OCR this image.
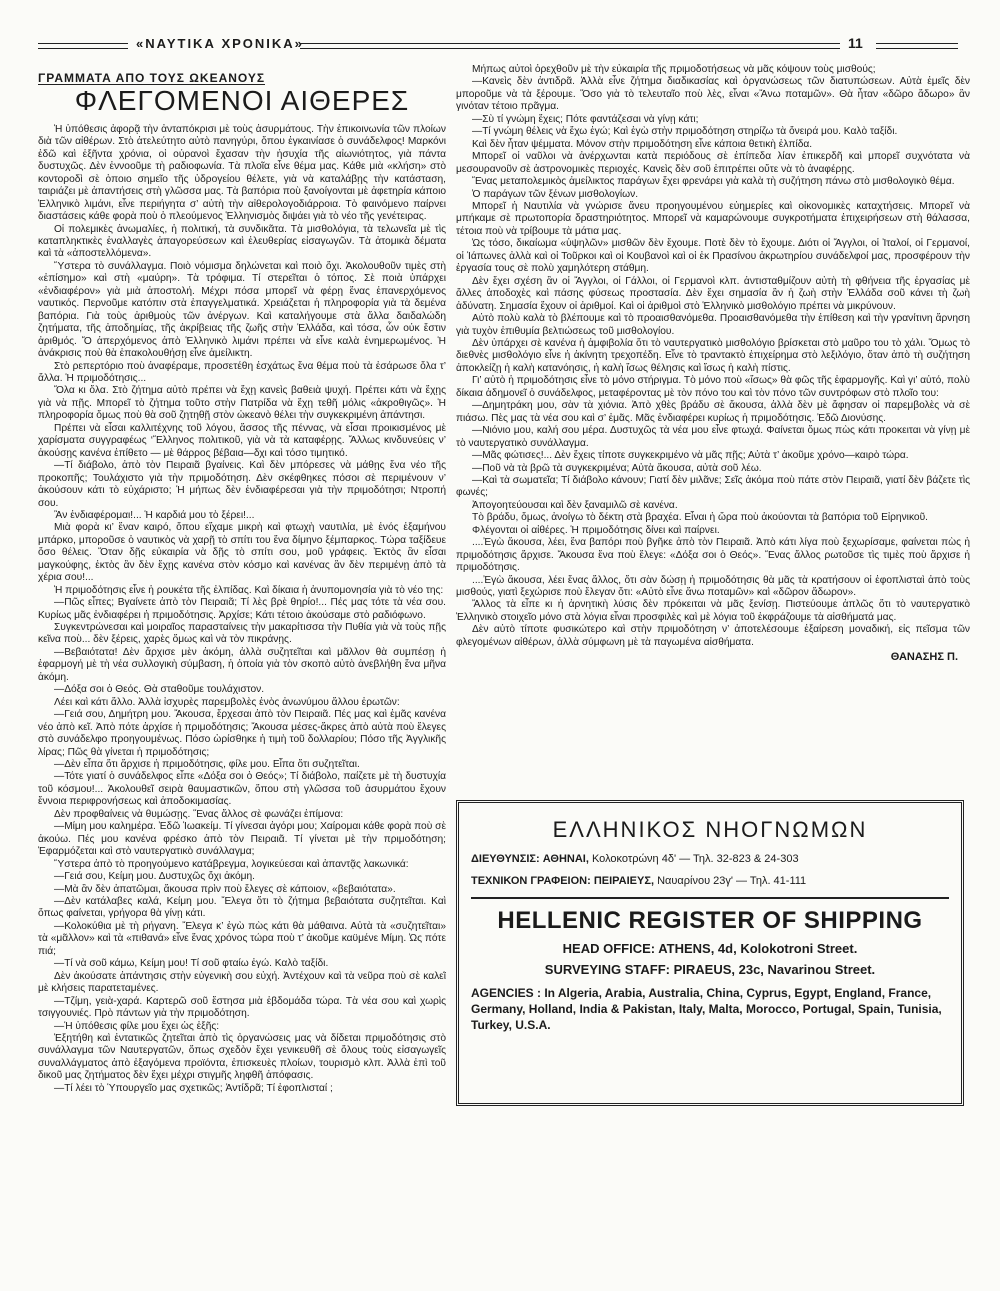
«ΝΑΥΤΙΚΑ ΧΡΟΝΙΚΑ»	11
ΓΡΑΜΜΑΤΑ ΑΠΟ ΤΟΥΣ ΩΚΕΑΝΟΥΣ
ΦΛΕΓΟΜΕΝΟΙ ΑΙΘΕΡΕΣ

Ἡ ὑπόθεσις ἀφορᾷ τὴν ἀνταπόκρισι μὲ τοὺς ἀσυρμάτους. Τὴν ἐπικοινωνία τῶν πλοίων διὰ τῶν αἰθέρων. Στὸ ἀτελεύτητο αὐτὸ πανηγύρι, ὅπου ἐγκαινίασε ὁ συνάδελφος! Μαρκόνι ἐδῶ καὶ ἑξῆντα χρόνια, οἱ οὐρανοὶ ἔχασαν τὴν ἡσυχία τῆς αἰωνιότητος, γιὰ πάντα δυστυχῶς. Δὲν ἐννοοῦμε τὴ ραδιοφωνία. Τὰ πλοῖα εἶνε θέμα μας. Κάθε μιὰ «κλήση» στὸ κοντοροδὶ σὲ ὁποιο σημεῖο τῆς ὑδρογείου θέλετε, γιὰ νὰ καταλάβῃς τὴν κατάσταση, ταιριάζει μὲ ἀπαντήσεις στὴ γλῶσσα μας. Τὰ βαπόρια ποὺ ξανοίγονται μὲ ἀφετηρία κάποιο Ἑλληνικὸ λιμάνι, εἶνε περιήγητα σ’ αὐτὴ τὴν αἰθερολογοδιάρροια. Τὸ φαινόμενο παίρνει διαστάσεις κάθε φορὰ ποὺ ὁ πλεούμενος Ἑλληνισμὸς διψάει γιὰ τὸ νέο τῆς γενέτειρας.

Οἱ πολεμικὲς ἀνωμαλίες, ἡ πολιτική, τὰ συνδικᾶτα. Τὰ μισθολόγια, τὰ τελωνεῖα μὲ τὶς καταπληκτικὲς ἐναλλαγὲς ἀπαγορεύσεων καὶ ἐλευθερίας εἰσαγωγῶν. Τὰ ἀτομικὰ δέματα καὶ τὰ «ἀποστελλόμενα».

Ὕστερα τὸ συνάλλαγμα. Ποιὸ νόμισμα δηλώνεται καὶ ποιὸ ὄχι. Ἀκολουθοῦν τιμὲς στὴ «ἐπίσημο» καὶ στὴ «μαύρη». Τὰ τρόφιμα. Τί στερεῖται ὁ τόπος. Σὲ ποιὰ ὑπάρχει «ἐνδιαφέρον» γιὰ μιὰ ἀποστολή. Μέχρι πόσα μπορεῖ νὰ φέρῃ ἕνας ἐπανερχόμενος ναυτικός. Περνοῦμε κατόπιν στὰ ἐπαγγελματικά. Χρειάζεται ἡ πληροφορία γιὰ τὰ δεμένα βαπόρια. Γιὰ τοὺς ἀριθμοὺς τῶν ἀνέργων. Καὶ καταλήγουμε στὰ ἄλλα δαιδαλώδη ζητήματα, τῆς ἀποδημίας, τῆς ἀκρίβειας τῆς ζωῆς στὴν Ἑλλάδα, καὶ τόσα, ὧν οὐκ ἔστιν ἀριθμός. Ὅ ἀπερχόμενος ἀπὸ Ἑλληνικὸ λιμάνι πρέπει νὰ εἶνε καλὰ ἐνημερωμένος. Ἡ ἀνάκρισις ποὺ θὰ ἐπακολουθήσῃ εἶνε ἀμείλικτη.

Στὸ ρεπερτόριο ποὺ ἀναφέραμε, προσετέθη ἐσχάτως ἕνα θέμα ποὺ τὰ ἐσάρωσε ὅλα τ’ ἄλλα. Ἡ πριμοδότησις...

Ὅλα κι ὅλα. Στὸ ζήτημα αὐτὸ πρέπει νὰ ἔχῃ κανεὶς βαθειὰ ψυχή. Πρέπει κάτι νὰ ἔχῃς γιὰ νὰ πῇς. Μπορεῖ τὸ ζήτημα τοῦτο στὴν Πατρίδα νὰ ἔχῃ τεθῆ μόλις «ἀκροθιγῶς». Ἡ πληροφορία ὅμως ποὺ θὰ σοῦ ζητηθῇ στὸν ὠκεανὸ θέλει τὴν συγκεκριμένη ἀπάντησι.

Πρέπει νὰ εἶσαι καλλιτέχνης τοῦ λόγου, ἄσσος τῆς πέννας, νὰ εἶσαι προικισμένος μὲ χαρίσματα συγγραφέως ‘Ἕλληνος πολιτικοῦ, γιὰ νὰ τὰ καταφέρῃς. Ἄλλως κινδυνεύεις ν’ ἀκούσῃς κανένα ἐπίθετο — μὲ θάρρος βέβαια—δχι καὶ τόσο τιμητικό.

—Τί διάβολο, ἀπὸ τὸν Πειραιᾶ βγαίνεις. Καὶ δὲν μπόρεσες νὰ μάθῃς ἕνα νέο τῆς προκοπῆς; Τουλάχιστο γιὰ τὴν πριμοδότηση. Δὲν σκέφθηκες πόσοι σὲ περιμένουν ν’ ἀκούσουν κάτι τὸ εὐχάριστο; Ἡ μήπως δὲν ἐνδιαφέρεσαι γιὰ τὴν πριμοδότησι; Ντροπή σου.

Ἂν ἐνδιαφέρομαι!... Ἡ καρδιά μου τὸ ξέρει!...

Μιὰ φορὰ κι’ ἕναν καιρό, ὅπου εἴχαμε μικρὴ καὶ φτωχὴ ναυτιλία, μὲ ἐνός ἐξαμήνου μπάρκο, μποροῦσε ὁ ναυτικὸς νὰ χαρῇ τὸ σπίτι του ἕνα δίμηνο ξέμπαρκος. Τώρα ταξίδευε ὅσο θέλεις. Ὅταν δῇς εὐκαιρία νὰ δῇς τὸ σπίτι σου, μοῦ γράφεις. Ἐκτὸς ἂν εἶσαι μαγκούφης, ἐκτὸς ἂν δὲν ἔχῃς κανένα στὸν κόσμο καὶ κανένας ἂν δὲν περιμένῃ ἀπὸ τὰ χέρια σου!...

Ἡ πριμοδότησις εἶνε ἡ ρουκέτα τῆς ἐλπίδας. Καὶ δίκαια ἡ ἀνυπομονησία γιὰ τὸ νέο της:

—Πῶς εἶπες; Βγαίνετε ἀπὸ τὸν Πειραιᾶ; Τί λὲς βρὲ θηρίο!... Πές μας τότε τὰ νέα σου. Κυρίως μᾶς ἐνδιαφέρει ἡ πριμοδότησις. Ἀρχίσε; Κάτι τέτοιο ἀκούσαμε στὸ ραδιόφωνο.

Συγκεντρώνεσαι καὶ μοιραῖος παρασταίνεις τὴν μακαρίτισσα τὴν Πυθία γιὰ νὰ τοὺς πῇς κεῖνα ποὺ... δὲν ξέρεις, χαρὲς ὅμως καὶ νὰ τὸν πικράνῃς.

—Βεβαιότατα! Δὲν ἄρχισε μὲν ἀκόμη, ἀλλὰ συζητεῖται καὶ μᾶλλον θὰ συμπέσῃ ἡ ἐφαρμογή μὲ τὴ νέα συλλογικὴ σύμβαση, ἡ ὁποία γιὰ τὸν σκοπὸ αὐτὸ ἀνεβλήθη ἕνα μῆνα ἀκόμη.

—Δόξα σοι ὁ Θεός. Θὰ σταθοῦμε τουλάχιστον.

Λέει καὶ κάτι ἄλλο. Ἀλλὰ ἰσχυρὲς παρεμβολὲς ἐνὸς ἀνωνύμου ἄλλου ἐρωτῶν:

—Γειά σου, Δημήτρη μου. Ἄκουσα, ἔρχεσαι ἀπὸ τὸν Πειραιᾶ. Πές μας καὶ ἐμᾶς κανένα νέο ἀπὸ κεῖ. Ἀπὸ πότε ἀρχίσε ἡ πριμοδότησις; Ἄκουσα μέσες-ἄκρες ἀπὸ αὐτὰ ποὺ ἔλεγες στὸ συνάδελφο προηγουμένως. Πόσο ὡρίσθηκε ἡ τιμὴ τοῦ δολλαρίου; Πόσο τῆς Ἀγγλικῆς λίρας; Πῶς θὰ γίνεται ἡ πριμοδότησις;

—Δὲν εἶπα ὅτι ἄρχισε ἡ πριμοδότησις, φίλε μου. Εἶπα ὅτι συζητεῖται.

—Τότε γιατί ὁ συνάδελφος εἶπε «Δόξα σοι ὁ Θεός»; Τί διάβολο, παίζετε μὲ τὴ δυστυχία τοῦ κόσμου!... Ἀκολουθεῖ σειρὰ θαυμαστικῶν, ὅπου στὴ γλῶσσα τοῦ ἀσυρμάτου ἔχουν ἔννοια περιφρονήσεως καὶ ἀποδοκιμασίας.

Δὲν προφθαίνεις νὰ θυμώσῃς. Ἕνας ἄλλος σὲ φωνάζει ἐπίμονα:

—Μίμη μου καλημέρα. Ἐδῶ Ἰωακείμ. Τί γίνεσαι ἀγόρι μου; Χαίρομαι κάθε φορὰ ποὺ σὲ ἀκούω. Πές μου κανένα φρέσκο ἀπὸ τὸν Πειραιᾶ. Τί γίνεται μὲ τὴν πριμοδότηση; Ἐφαρμόζεται καὶ στὸ ναυτεργατικὸ συνάλλαγμα;

Ὕστερα ἀπὸ τὸ προηγούμενο κατάβρεγμα, λογικεύεσαι καὶ ἀπαντᾷς λακωνικά:

—Γειά σου, Κείμη μου. Δυστυχῶς ὄχι ἀκόμη.

—Μὰ ἂν δὲν ἀπατῶμαι, ἄκουσα πρὶν ποὺ ἔλεγες σὲ κάποιον, «βεβαιότατα».

—Δὲν κατάλαβες καλά, Κείμη μου. Ἔλεγα ὅτι τὸ ζήτημα βεβαιότατα συζητεῖται. Καὶ ὅπως φαίνεται, γρήγορα θὰ γίνῃ κάτι.

—Κολοκύθια μὲ τὴ ρήγανη. Ἔλεγα κ’ ἐγὼ πὼς κάτι θὰ μάθαινα. Αὐτὰ τὰ «συζητεῖται» τὰ «μᾶλλον» καὶ τὰ «πιθανά» εἶνε ἕνας χρόνος τώρα ποὺ τ’ ἀκοῦμε καϋμένε Μίμη. Ὡς πότε πιά;

—Τί νὰ σοῦ κάμω, Κείμη μου! Τί σοῦ φταίω ἐγώ. Καλὸ ταξίδι.

Δὲν ἀκούσατε ἀπάντησις στὴν εὐγενικὴ σου εὐχή. Ἀντέχουν καὶ τὰ νεῦρα ποὺ σὲ καλεῖ μὲ κλήσεις παρατεταμένες.

—Τζίμη, γειὰ-χαρά. Καρτερῶ σοῦ ἔστησα μιὰ ἑβδομάδα τώρα. Τὰ νέα σου καὶ χωρὶς τσιγγουνιές. Πρὸ πάντων γιὰ τὴν πριμοδότηση.

—Ἡ ὑπόθεσις φίλε μου ἔχει ὡς ἑξῆς:

Ἐξητήθη καὶ ἐντατικῶς ζητεῖται ἀπὸ τὶς ὀργανώσεις μας νὰ δίδεται πριμοδότησις στὸ συνάλλαγμα τῶν Ναυτεργατῶν, ὅπως σχεδὸν ἔχει γενικευθῆ σὲ ὅλους τοὺς εἰσαγωγεῖς συναλλάγματος ἀπὸ ἐξαγόμενα προϊόντα, ἐπισκευὲς πλοίων, τουρισμὸ κλπ. Ἀλλὰ ἐπὶ τοῦ δικοῦ μας ζητήματος δὲν ἔχει μέχρι στιγμῆς ληφθῆ ἀπόφασις.

—Τί λέει τὸ Ὑπουργεῖο μας σχετικῶς; Ἀντίδρᾶ; Τί ἐφοπλισταί ;

Μήπως αὐτοὶ ὀρεχθοῦν μὲ τὴν εὐκαιρία τῆς πριμοδοτήσεως νὰ μᾶς κόψουν τοὺς μισθούς;

—Κανεὶς δὲν ἀντιδρᾶ. Ἀλλὰ εἶνε ζήτημα διαδικασίας καὶ ὀργανώσεως τῶν διατυπώσεων. Αὐτὰ ἐμεῖς δὲν μποροῦμε νὰ τὰ ξέρουμε. Ὅσο γιὰ τὸ τελευταῖο ποὺ λὲς, εἶναι «Ἄνω ποταμῶν». Θὰ ἦταν «δῶρο ἄδωρο» ἂν γινόταν τέτοιο πρᾶγμα.

—Σὺ τί γνώμη ἔχεις; Πότε φαντάζεσαι νὰ γίνῃ κάτι;

—Τί γνώμη θέλεις νὰ ἔχω ἐγώ; Καὶ ἐγὼ στὴν πριμοδότηση στηρίζω τὰ ὄνειρά μου. Καλὸ ταξίδι.

Καὶ δὲν ἦταν ψέμματα. Μόνον στὴν πριμοδότηση εἶνε κάποια θετικὴ ἐλπίδα.

Μπορεῖ οἱ ναῦλοι νὰ ἀνέρχωνται κατὰ περιόδους σὲ ἐπίπεδα λίαν ἐπικερδῆ καὶ μπορεῖ συχνότατα νὰ μεσουρανοῦν σὲ ἀστρονομικὲς περιοχές. Κανεὶς δὲν σοῦ ἐπιτρέπει οὔτε νὰ τὸ ἀναφέρῃς.

Ἕνας μεταπολεμικὸς ἀμείλικτος παράγων ἔχει φρενάρει γιὰ καλὰ τὴ συζήτηση πάνω στὸ μισθολογικὸ θέμα.

Ὁ παράγων τῶν ξένων μισθολογίων.

Μπορεῖ ἡ Ναυτιλία νὰ γνώρισε ἄνευ προηγουμένου εὐημερίες καὶ οἰκονομικὲς καταχτήσεις. Μπορεῖ νὰ μπήκαμε σὲ πρωτοπορία δραστηριότητος. Μπορεῖ νὰ καμαρώνουμε συγκροτήματα ἐπιχειρήσεων στὴ θάλασσα, τέτοια ποὺ νὰ τρίβουμε τὰ μάτια μας.

Ὡς τόσο, δικαίωμα «ὑψηλῶν» μισθῶν δὲν ἔχουμε. Ποτὲ δὲν τὸ ἔχουμε. Διότι οἱ Ἄγγλοι, οἱ Ἰταλοί, οἱ Γερμανοί, οἱ Ἰάπωνες ἀλλὰ καὶ οἱ Τοῦρκοι καὶ οἱ Κουβανοὶ καὶ οἱ ἐκ Πρασίνου ἀκρωτηρίου συνάδελφοί μας, προσφέρουν τὴν ἐργασία τους σὲ πολὺ χαμηλότερη στάθμη.

Δὲν ἔχει σχέση ἂν οἱ Ἄγγλοι, οἱ Γάλλοι, οἱ Γερμανοὶ κλπ. ἀντισταθμίζουν αὐτὴ τὴ φθήνεια τῆς ἐργασίας μὲ ἄλλες ἀποδοχὲς καὶ πάσης φύσεως προστασία. Δὲν ἔχει σημασία ἂν ἡ ζωὴ στὴν Ἑλλάδα σοῦ κάνει τὴ ζωὴ ἀδύνατη. Σημασία ἔχουν οἱ ἀριθμοί. Καὶ οἱ ἀριθμοὶ στὸ Ἑλληνικὸ μισθολόγιο πρέπει νὰ μικρύνουν.

Αὐτὸ πολὺ καλὰ τὸ βλέπουμε καὶ τὸ προαισθανόμεθα. Προαισθανόμεθα τὴν ἐπίθεση καὶ τὴν γρανίτινη ἄρνηση γιὰ τυχὸν ἐπιθυμία βελτιώσεως τοῦ μισθολογίου.

Δὲν ὑπάρχει σὲ κανένα ἡ ἀμφιβολία ὅτι τὸ ναυτεργατικὸ μισθολόγιο βρίσκεται στὸ μαῦρο του τὸ χάλι. Ὅμως τὸ διεθνὲς μισθολόγιο εἶνε ἡ ἀκίνητη τρεχοπέδη. Εἶνε τὸ τραντακτὸ ἐπιχείρημα στὸ λεξιλόγιο, ὅταν ἀπὸ τὴ συζήτηση ἀποκλείζῃ ἡ καλὴ κατανόησις, ἡ καλὴ ἴσως θέλησις καὶ ἴσως ἡ καλὴ πίστις.

Γι’ αὐτὸ ἡ πριμοδότησις εἶνε τὸ μόνο στήριγμα. Τὸ μόνο ποὺ «ἴσως» θὰ φῶς τῆς ἐφαρμογῆς. Καὶ γι’ αὐτό, πολὺ δίκαια ἀδημονεῖ ὁ συνάδελφος, μεταφέροντας μὲ τὸν πόνο του καὶ τὸν πόνο τῶν συντρόφων στὸ πλοῖο του:

—Δημητράκη μου, σὰν τὰ χιόνια. Ἀπὸ χθὲς βράδυ σὲ ἄκουσα, ἀλλὰ δὲν μὲ ἄφησαν οἱ παρεμβολὲς νὰ σὲ πιάσω. Πὲς μας τὰ νέα σου καὶ σ’ ἐμᾶς. Μᾶς ἐνδιαφέρει κυρίως ἡ πριμοδότησις. Ἐδῶ Διονύσης.

—Νιόνιο μου, καλή σου μέρα. Δυστυχῶς τὰ νέα μου εἶνε φτωχά. Φαίνεται ὅμως πὼς κάτι προκειται νὰ γίνῃ μὲ τὸ ναυτεργατικὸ συνάλλαγμα.

—Μᾶς φώτισες!... Δὲν ἔχεις τίποτε συγκεκριμένο νὰ μᾶς πῇς; Αὐτὰ τ’ ἀκοῦμε χρόνο—καιρὸ τώρα.

—Ποῦ νὰ τὰ βρῶ τὰ συγκεκριμένα; Αὐτὰ ἄκουσα, αὐτὰ σοῦ λέω.

—Καὶ τὰ σωματεῖα; Τί διάβολο κάνουν; Γιατί δὲν μιλᾶνε; Σεῖς ἀκόμα ποὺ πάτε στὸν Πειραιᾶ, γιατί δὲν βάζετε τὶς φωνές;

Ἀπογοητεύουσαι καὶ δὲν ξαναμιλῶ σὲ κανένα.

Τὸ βράδυ, ὅμως, ἀνοίγω τὸ δέκτη στὰ βραχέα. Εἶναι ἡ ὥρα ποὺ ἀκούονται τὰ βαπόρια τοῦ Εἰρηνικοῦ.

Φλέγονται οἱ αἰθέρες. Ἡ πριμοδότησις δίνει καὶ παίρνει.

....Ἐγὼ ἄκουσα, λέει, ἕνα βαπόρι ποὺ βγῆκε ἀπὸ τὸν Πειραιᾶ. Ἀπὸ κάτι λίγα ποὺ ξεχωρίσαμε, φαίνεται πὼς ἡ πριμοδότησις ἄρχισε. Ἄκουσα ἕνα ποὺ ἔλεγε: «Δόξα σοι ὁ Θεός». Ἕνας ἄλλος ρωτοῦσε τὶς τιμὲς ποὺ ἄρχισε ἡ πριμοδότησις.

....Ἐγὼ ἄκουσα, λέει ἕνας ἄλλος, ὅτι σὰν δώσῃ ἡ πριμοδότησις θὰ μᾶς τὰ κρατήσουν οἱ ἐφοπλισταὶ ἀπὸ τοὺς μισθούς, γιατὶ ξεχώρισε ποὺ ἔλεγαν ὅτι: «Αὐτὸ εἶνε ἄνω ποταμῶν» καὶ «δῶρον ἄδωρον».

Ἄλλος τὰ εἶπε κι ἡ ἀρνητικὴ λύσις δὲν πρόκειται νὰ μᾶς ξενίσῃ. Πιστεύουμε ἀπλῶς ὅτι τὸ ναυτεργατικὸ Ἑλληνικὸ στοιχεῖο μόνο στὰ λόγια εἶναι προσφιλὲς καὶ μὲ λόγια τοῦ ἐκφράζουμε τὰ αἰσθήματά μας.

Δὲν αὐτὸ τίποτε φυσικώτερο καὶ στὴν πριμοδότηση ν’ ἀποτελέσουμε ἐξαίρεση μοναδική, εἰς πεῖσμα τῶν φλεγομένων αἰθέρων, ἀλλὰ σύμφωνη μὲ τὰ παγωμένα αἰσθήματα.

ΘΑΝΑΣΗΣ Π.

ΕΛΛΗΝΙΚΟΣ ΝΗΟΓΝΩΜΩΝ
ΔΙΕΥΘΥΝΣΙΣ: ΑΘΗΝΑΙ, Κολοκοτρώνη 4δ' — Τηλ. 32-823 & 24-303
ΤΕΧΝΙΚΟΝ ΓΡΑΦΕΙΟΝ: ΠΕΙΡΑΙΕΥΣ, Ναυαρίνου 23γ' — Τηλ. 41-111
HELLENIC REGISTER OF SHIPPING
HEAD OFFICE: ATHENS, 4d, Kolokotroni Street.
SURVEYING STAFF: PIRAEUS, 23c, Navarinou Street.
AGENCIES : In Algeria, Arabia, Australia, China, Cyprus, Egypt, England, France, Germany, Holland, India & Pakistan, Italy, Malta, Morocco, Portugal, Spain, Tunisia, Turkey, U.S.A.
